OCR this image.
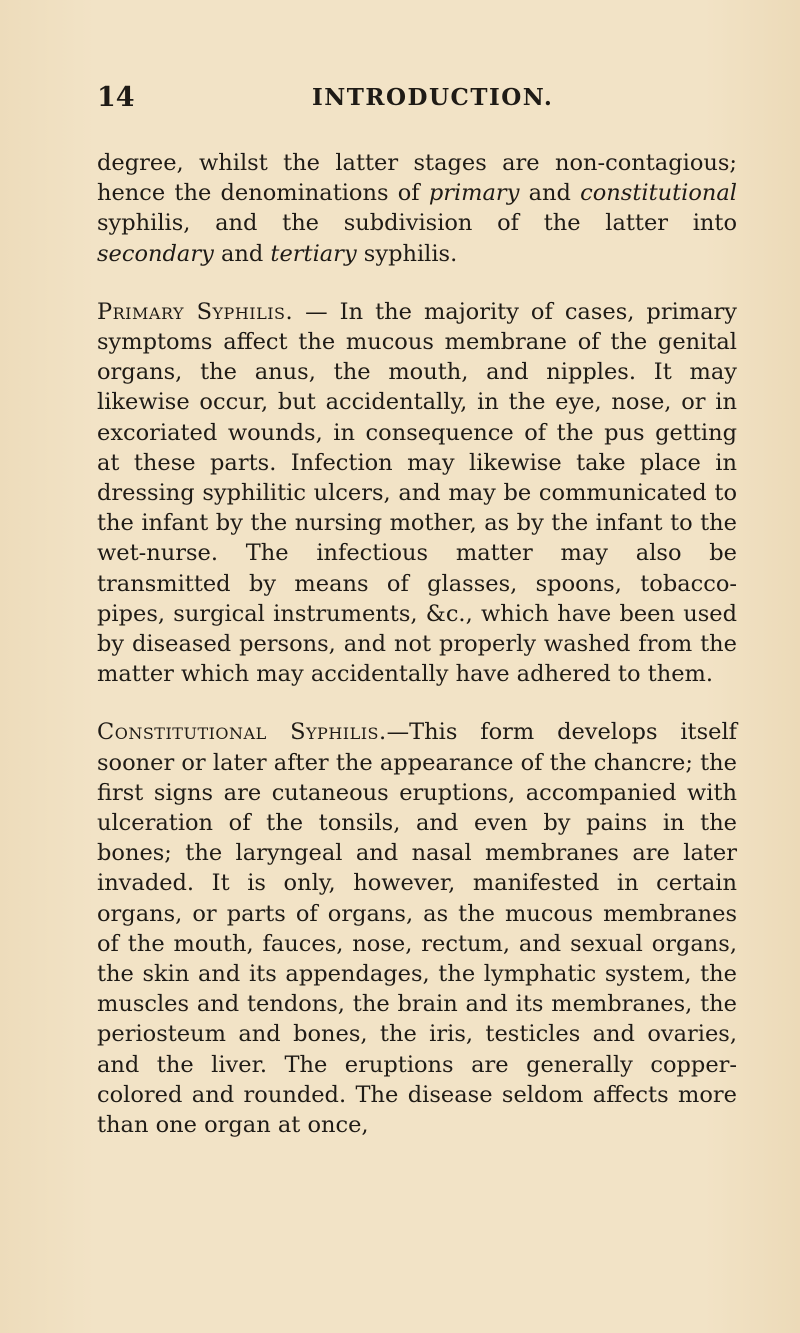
14	INTRODUCTION.

degree, whilst the latter stages are non-contagious; hence the denominations of primary and constitutional syphilis, and the subdivision of the latter into secondary and tertiary syphilis.

Primary Syphilis. — In the majority of cases, primary symptoms affect the mucous membrane of the genital organs, the anus, the mouth, and nipples. It may likewise occur, but accidentally, in the eye, nose, or in excoriated wounds, in consequence of the pus getting at these parts. Infection may likewise take place in dressing syphilitic ulcers, and may be communicated to the infant by the nursing mother, as by the infant to the wet-nurse. The infectious matter may also be transmitted by means of glasses, spoons, tobacco-pipes, surgical instruments, &c., which have been used by diseased persons, and not properly washed from the matter which may accidentally have adhered to them.

Constitutional Syphilis.—This form develops itself sooner or later after the appearance of the chancre; the first signs are cutaneous eruptions, accompanied with ulceration of the tonsils, and even by pains in the bones; the laryngeal and nasal membranes are later invaded. It is only, however, manifested in certain organs, or parts of organs, as the mucous membranes of the mouth, fauces, nose, rectum, and sexual organs, the skin and its appendages, the lymphatic system, the muscles and tendons, the brain and its membranes, the periosteum and bones, the iris, testicles and ovaries, and the liver. The eruptions are generally copper-colored and rounded. The disease seldom affects more than one organ at once,
